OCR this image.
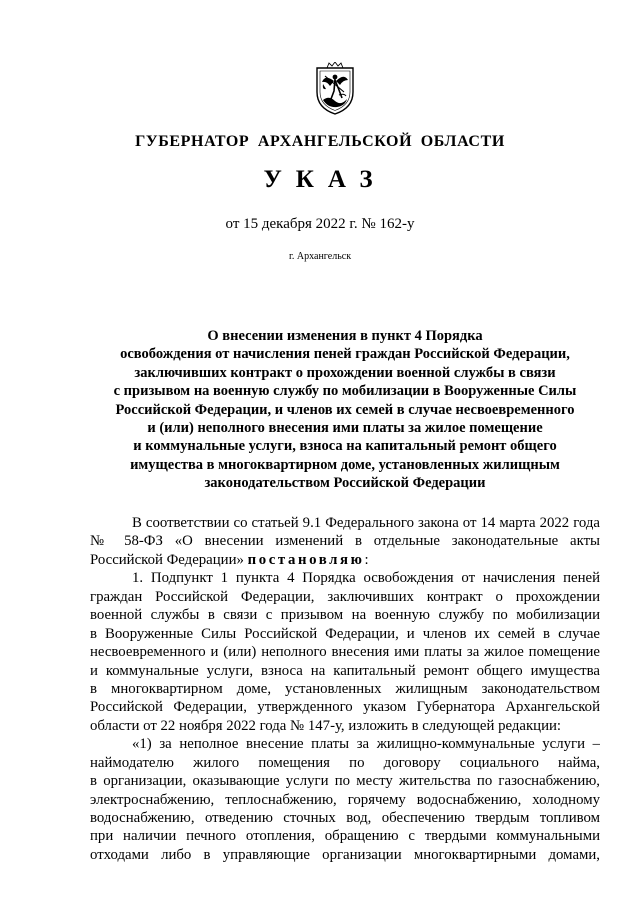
ГУБЕРНАТОР АРХАНГЕЛЬСКОЙ ОБЛАСТИ
УКАЗ
от 15 декабря 2022 г. № 162-у
г. Архангельск
О внесении изменения в пункт 4 Порядка
освобождения от начисления пеней граждан Российской Федерации,
заключивших контракт о прохождении военной службы в связи
с призывом на военную службу по мобилизации в Вооруженные Силы
Российской Федерации, и членов их семей в случае несвоевременного
и (или) неполного внесения ими платы за жилое помещение
и коммунальные услуги, взноса на капитальный ремонт общего
имущества в многоквартирном доме, установленных жилищным
законодательством Российской Федерации
В соответствии со статьей 9.1 Федерального закона от 14 марта 2022 года
№ 58-ФЗ «О внесении изменений в отдельные законодательные акты
Российской Федерации» постановляю:
1. Подпункт 1 пункта 4 Порядка освобождения от начисления пеней
граждан Российской Федерации, заключивших контракт о прохождении
военной службы в связи с призывом на военную службу по мобилизации
в Вооруженные Силы Российской Федерации, и членов их семей в случае
несвоевременного и (или) неполного внесения ими платы за жилое помещение
и коммунальные услуги, взноса на капитальный ремонт общего имущества
в многоквартирном доме, установленных жилищным законодательством
Российской Федерации, утвержденного указом Губернатора Архангельской
области от 22 ноября 2022 года № 147-у, изложить в следующей редакции:
«1) за неполное внесение платы за жилищно-коммунальные услуги –
наймодателю жилого помещения по договору социального найма,
в организации, оказывающие услуги по месту жительства по газоснабжению,
электроснабжению, теплоснабжению, горячему водоснабжению, холодному
водоснабжению, отведению сточных вод, обеспечению твердым топливом
при наличии печного отопления, обращению с твердыми коммунальными
отходами либо в управляющие организации многоквартирными домами,
